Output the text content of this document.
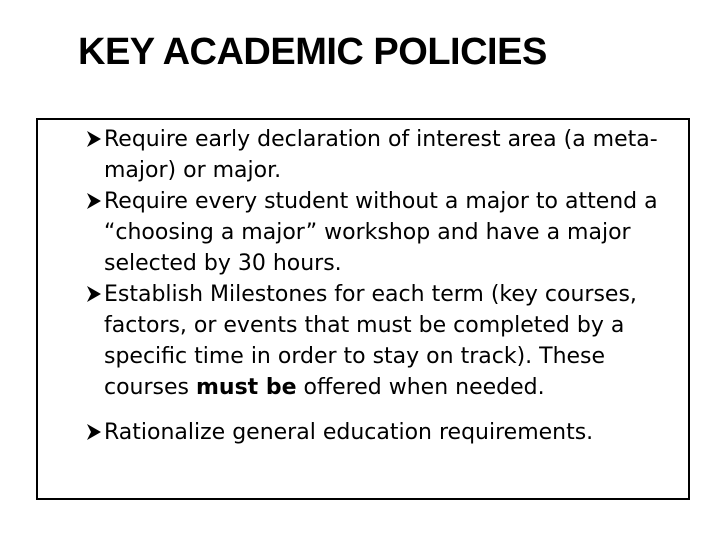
KEY ACADEMIC POLICIES
Require early declaration of interest area (a meta-major) or major.
Require every student without a major to attend a “choosing a major” workshop and have a major selected by 30 hours.
Establish Milestones for each term (key courses, factors, or events that must be completed by a specific time in order to stay on track). These courses must be offered when needed.
Rationalize general education requirements.
